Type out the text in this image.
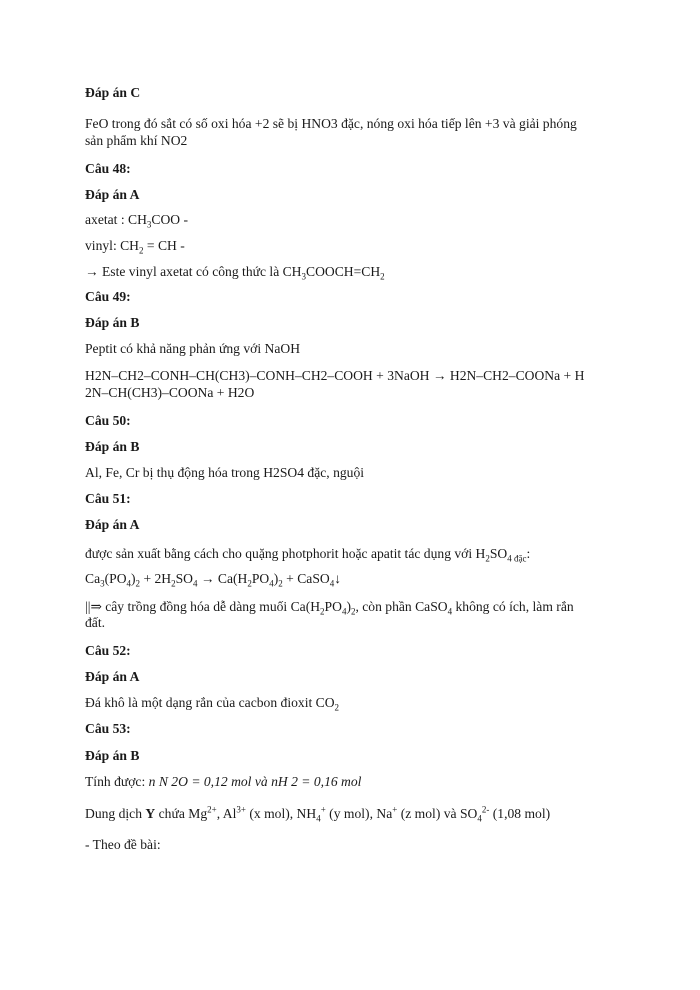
Đáp án C
FeO trong đó sắt có số oxi hóa +2 sẽ bị HNO3 đặc, nóng oxi hóa tiếp lên +3 và giải phóng
sản phẩm khí NO2
Câu 48:
Đáp án A
axetat : $CH_3COO$ -
vinyl: $CH_2$ = CH -
→ Este vinyl axetat có công thức là $CH_3COOCH=CH_2$
Câu 49:
Đáp án B
Peptit có khả năng phản ứng với NaOH
H2N–CH2–CONH–CH(CH3)–CONH–CH2–COOH + 3NaOH → H2N–CH2–COONa + H
2N–CH(CH3)–COONa + H2O
Câu 50:
Đáp án B
Al, Fe, Cr bị thụ động hóa trong H2SO4 đặc, nguội
Câu 51:
Đáp án A
được sản xuất bằng cách cho quặng photphorit hoặc apatit tác dụng với $H_2SO_{4 đặc}$:
$Ca_3(PO_4)_2 + 2H_2SO_4 \to Ca(H_2PO_4)_2$ + CaSO$_4$↓
||⇒ cây trồng đồng hóa dễ dàng muối $Ca(H_2PO_4)_2$, còn phần CaSO$_4$ không có ích, làm rắn
đất.
Câu 52:
Đáp án A
Đá khô là một dạng rắn của cacbon đioxit $CO_2$
Câu 53:
Đáp án B
Tính được: n N 2O = 0,12 mol và nH 2 = 0,16 mol
Dung dịch Y chứa $Mg^{2+}$, $Al^{3+}$ (x mol), $NH_4^+$ (y mol), Na+ (z mol) và $SO_4^{2-}$ (1,08 mol)
- Theo đề bài:
